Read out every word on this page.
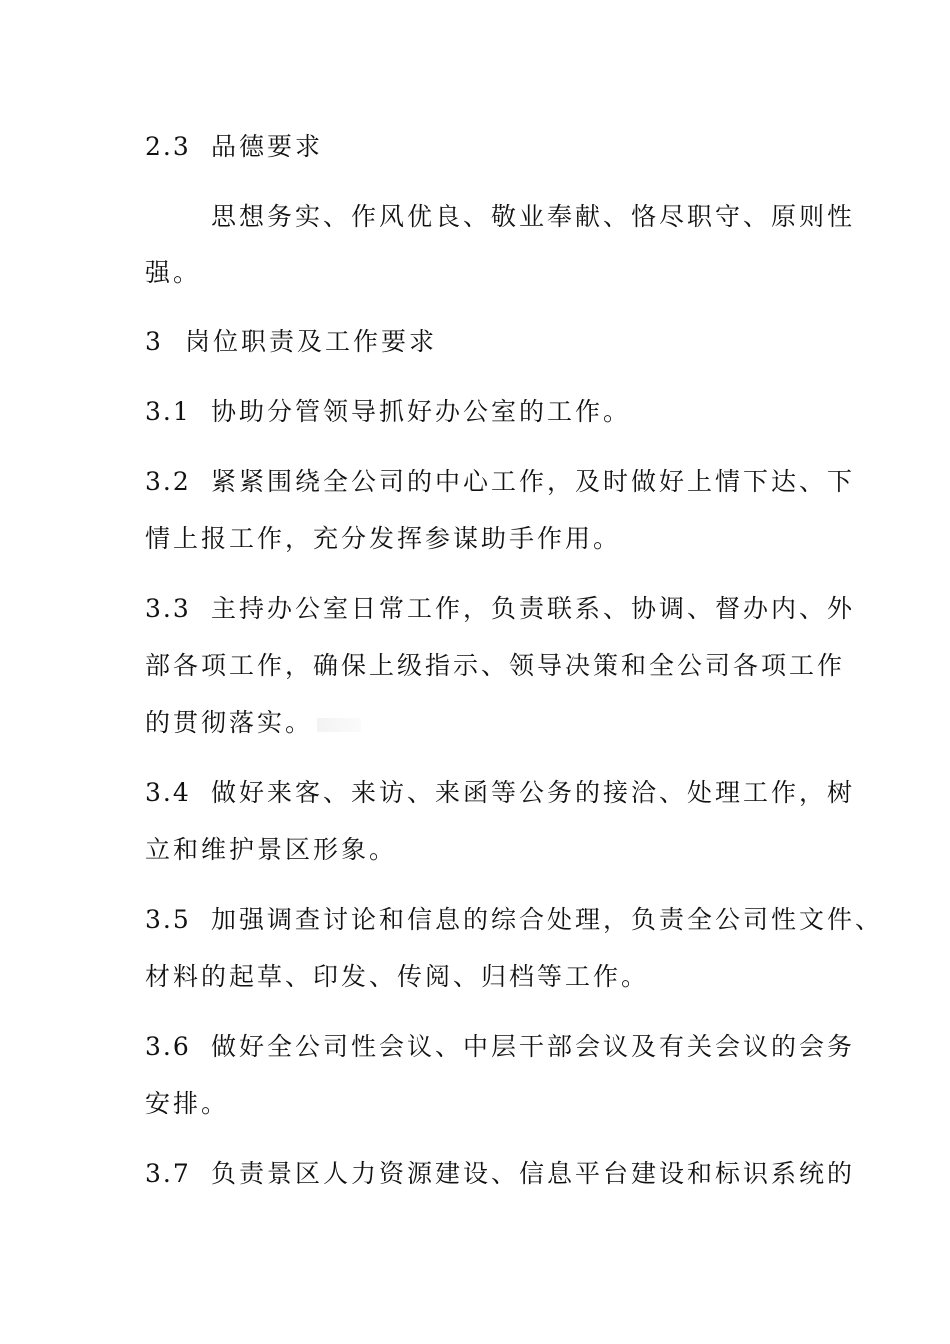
2.3 品德要求
思想务实、作风优良、敬业奉献、恪尽职守、原则性
强。
3 岗位职责及工作要求
3.1 协助分管领导抓好办公室的工作。
3.2 紧紧围绕全公司的中心工作，及时做好上情下达、下
情上报工作，充分发挥参谋助手作用。
3.3 主持办公室日常工作，负责联系、协调、督办内、外
部各项工作，确保上级指示、领导决策和全公司各项工作
的贯彻落实。
3.4 做好来客、来访、来函等公务的接洽、处理工作，树
立和维护景区形象。
3.5 加强调查讨论和信息的综合处理，负责全公司性文件、
材料的起草、印发、传阅、归档等工作。
3.6 做好全公司性会议、中层干部会议及有关会议的会务
安排。
3.7 负责景区人力资源建设、信息平台建设和标识系统的
